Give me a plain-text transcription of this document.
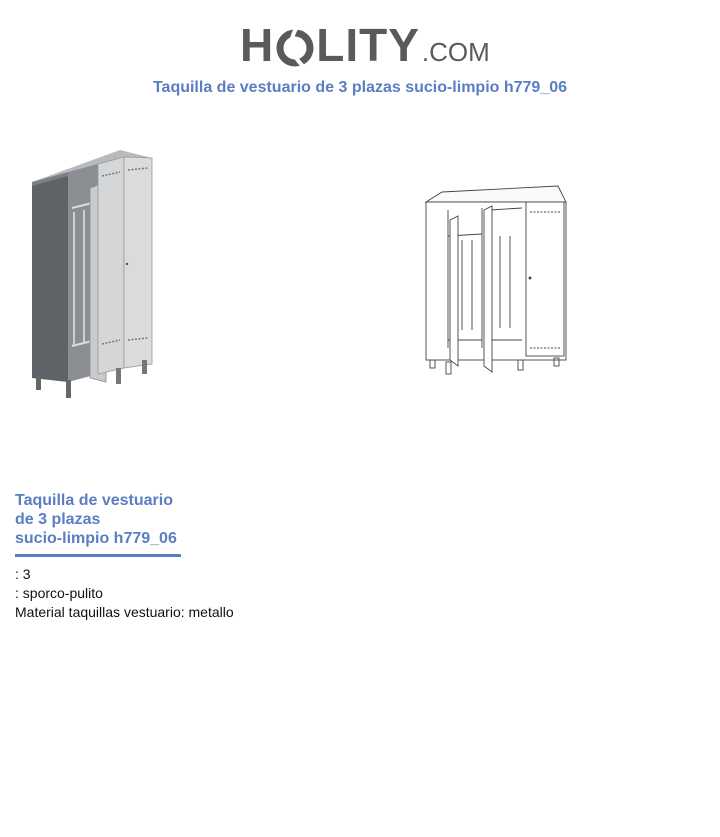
H LITY .COM
Taquilla de vestuario de 3 plazas sucio-limpio h779_06
Taquilla de vestuario
de 3 plazas
sucio-limpio h779_06
: 3
: sporco-pulito
Material taquillas vestuario: metallo
